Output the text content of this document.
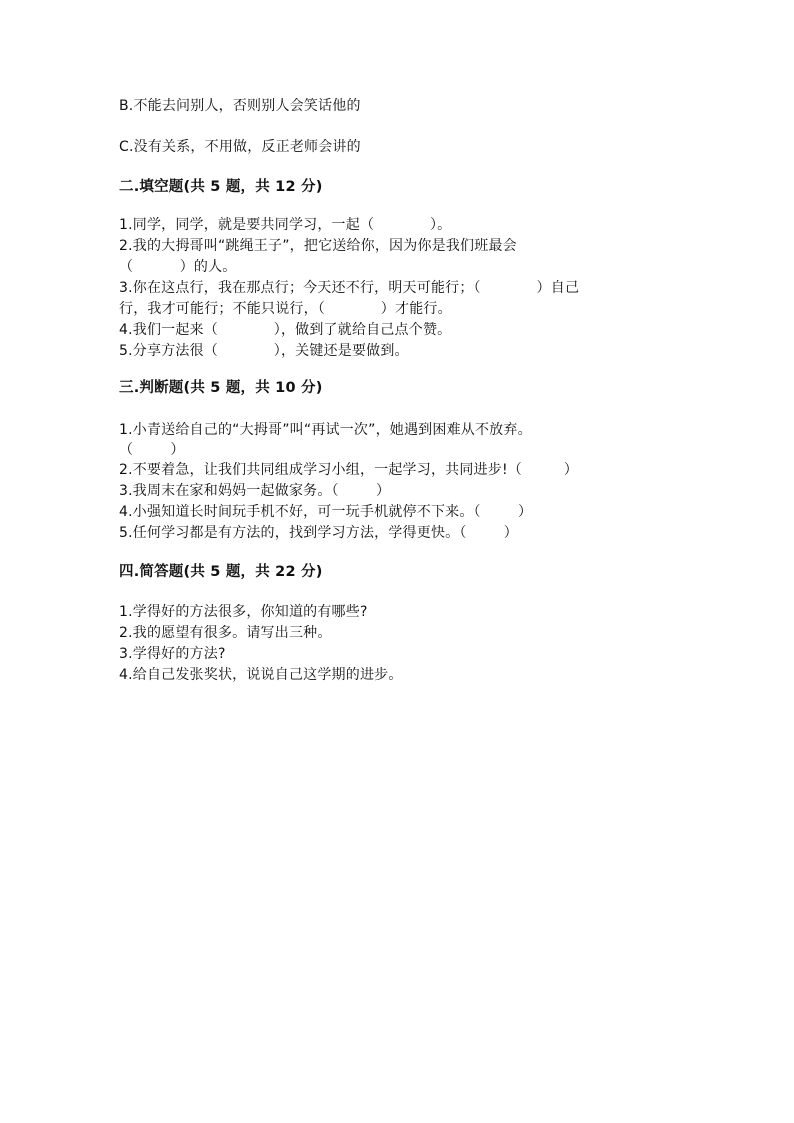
B.不能去问别人，否则别人会笑话他的
C.没有关系，不用做，反正老师会讲的
二.填空题(共 5 题，共 12 分)
1.同学，同学，就是要共同学习，一起（            ）。
2.我的大拇哥叫“跳绳王子”，把它送给你，因为你是我们班最会
（          ）的人。
3.你在这点行，我在那点行；今天还不行，明天可能行；（            ）自己
行，我才可能行；不能只说行，（            ）才能行。
4.我们一起来（            ），做到了就给自己点个赞。
5.分享方法很（            ），关键还是要做到。
三.判断题(共 5 题，共 10 分)
1.小青送给自己的“大拇哥”叫“再试一次”，她遇到困难从不放弃。
（        ）
2.不要着急，让我们共同组成学习小组，一起学习，共同进步!（         ）
3.我周末在家和妈妈一起做家务。（        ）
4.小强知道长时间玩手机不好，可一玩手机就停不下来。（        ）
5.任何学习都是有方法的，找到学习方法，学得更快。（        ）
四.简答题(共 5 题，共 22 分)
1.学得好的方法很多，你知道的有哪些?
2.我的愿望有很多。请写出三种。
3.学得好的方法?
4.给自己发张奖状，说说自己这学期的进步。
